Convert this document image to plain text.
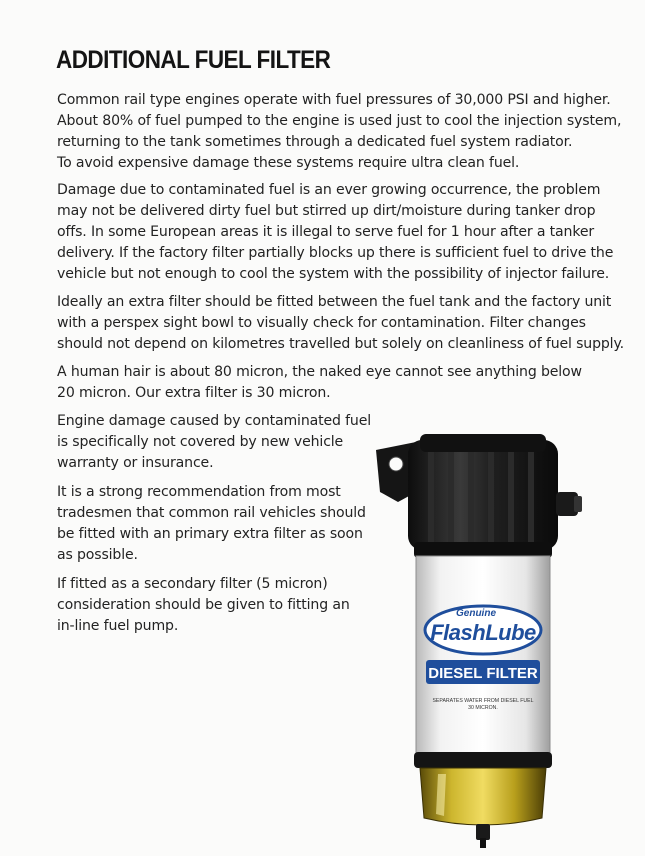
ADDITIONAL FUEL FILTER

Common rail type engines operate with fuel pressures of 30,000 PSI and higher.
About 80% of fuel pumped to the engine is used just to cool the injection system,
returning to the tank sometimes through a dedicated fuel system radiator.
To avoid expensive damage these systems require ultra clean fuel.

Damage due to contaminated fuel is an ever growing occurrence, the problem
may not be delivered dirty fuel but stirred up dirt/moisture during tanker drop
offs. In some European areas it is illegal to serve fuel for 1 hour after a tanker
delivery. If the factory filter partially blocks up there is sufficient fuel to drive the
vehicle but not enough to cool the system with the possibility of injector failure.

Ideally an extra filter should be fitted between the fuel tank and the factory unit
with a perspex sight bowl to visually check for contamination. Filter changes
should not depend on kilometres travelled but solely on cleanliness of fuel supply.

A human hair is about 80 micron, the naked eye cannot see anything below
20 micron. Our extra filter is 30 micron.

Engine damage caused by contaminated fuel
is specifically not covered by new vehicle
warranty or insurance.

It is a strong recommendation from most
tradesmen that common rail vehicles should
be fitted with an primary extra filter as soon
as possible.

If fitted as a secondary filter (5 micron)
consideration should be given to fitting an
in-line fuel pump.

Genuine
FlashLube
DIESEL FILTER
SEPARATES WATER FROM DIESEL FUEL
30 MICRON.
